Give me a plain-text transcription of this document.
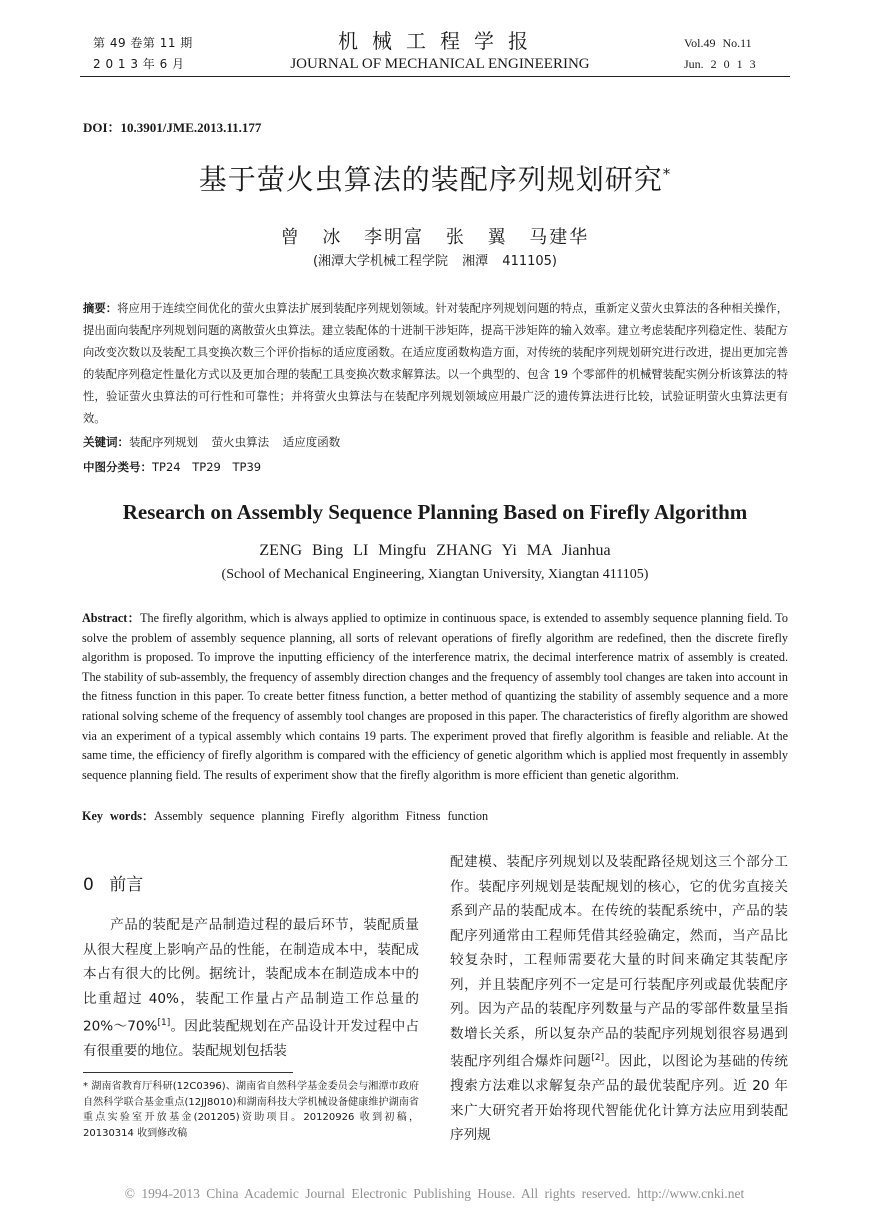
第 49 卷第 11 期
2 0 1 3 年 6 月
机械工程学报
JOURNAL OF MECHANICAL ENGINEERING
Vol.49 No.11
Jun. 2 0 1 3
DOI：10.3901/JME.2013.11.177
基于萤火虫算法的装配序列规划研究*
曾 冰 李明富 张 翼 马建华
(湘潭大学机械工程学院 湘潭 411105)
摘要：将应用于连续空间优化的萤火虫算法扩展到装配序列规划领域。针对装配序列规划问题的特点，重新定义萤火虫算法的各种相关操作，提出面向装配序列规划问题的离散萤火虫算法。建立装配体的十进制干涉矩阵，提高干涉矩阵的输入效率。建立考虑装配序列稳定性、装配方向改变次数以及装配工具变换次数三个评价指标的适应度函数。在适应度函数构造方面，对传统的装配序列规划研究进行改进，提出更加完善的装配序列稳定性量化方式以及更加合理的装配工具变换次数求解算法。以一个典型的、包含 19 个零部件的机械臂装配实例分析该算法的特性，验证萤火虫算法的可行性和可靠性；并将萤火虫算法与在装配序列规划领域应用最广泛的遗传算法进行比较，试验证明萤火虫算法更有效。
关键词：装配序列规划 萤火虫算法 适应度函数
中图分类号：TP24 TP29 TP39
Research on Assembly Sequence Planning Based on Firefly Algorithm
ZENG Bing LI Mingfu ZHANG Yi MA Jianhua
(School of Mechanical Engineering, Xiangtan University, Xiangtan 411105)
Abstract：The firefly algorithm, which is always applied to optimize in continuous space, is extended to assembly sequence planning field. To solve the problem of assembly sequence planning, all sorts of relevant operations of firefly algorithm are redefined, then the discrete firefly algorithm is proposed. To improve the inputting efficiency of the interference matrix, the decimal interference matrix of assembly is created. The stability of sub-assembly, the frequency of assembly direction changes and the frequency of assembly tool changes are taken into account in the fitness function in this paper. To create better fitness function, a better method of quantizing the stability of assembly sequence and a more rational solving scheme of the frequency of assembly tool changes are proposed in this paper. The characteristics of firefly algorithm are showed via an experiment of a typical assembly which contains 19 parts. The experiment proved that firefly algorithm is feasible and reliable. At the same time, the efficiency of firefly algorithm is compared with the efficiency of genetic algorithm which is applied most frequently in assembly sequence planning field. The results of experiment show that the firefly algorithm is more efficient than genetic algorithm.
Key words：Assembly sequence planning Firefly algorithm Fitness function
0 前言

产品的装配是产品制造过程的最后环节，装配质量从很大程度上影响产品的性能，在制造成本中，装配成本占有很大的比例。据统计，装配成本在制造成本中的比重超过 40%，装配工作量占产品制造工作总量的 20%～70%[1]。因此装配规划在产品设计开发过程中占有很重要的地位。装配规划包括装

配建模、装配序列规划以及装配路径规划这三个部分工作。装配序列规划是装配规划的核心，它的优劣直接关系到产品的装配成本。在传统的装配系统中，产品的装配序列通常由工程师凭借其经验确定，然而，当产品比较复杂时，工程师需要花大量的时间来确定其装配序列，并且装配序列不一定是可行装配序列或最优装配序列。因为产品的装配序列数量与产品的零部件数量呈指数增长关系，所以复杂产品的装配序列规划很容易遇到装配序列组合爆炸问题[2]。因此，以图论为基础的传统搜索方法难以求解复杂产品的最优装配序列。近 20 年来广大研究者开始将现代智能优化计算方法应用到装配序列规

* 湖南省教育厅科研(12C0396)、湖南省自然科学基金委员会与湘潭市政府自然科学联合基金重点(12JJ8010)和湖南科技大学机械设备健康维护湖南省重点实验室开放基金(201205)资助项目。20120926 收到初稿，20130314 收到修改稿
© 1994-2013 China Academic Journal Electronic Publishing House. All rights reserved. http://www.cnki.net
